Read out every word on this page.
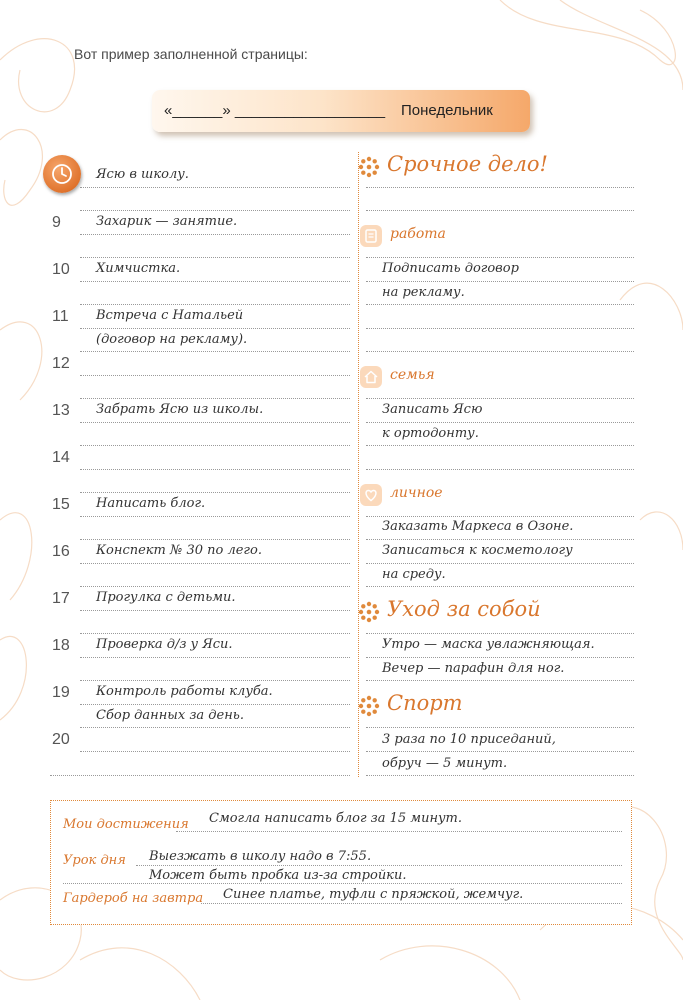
Вот пример заполненной страницы:
«______» __________________ Понедельник
9
10
11
12
13
14
15
16
17
18
19
20
Ясю в школу.
Захарик — занятие.
Химчистка.
Встреча с Натальей
(договор на рекламу).
Забрать Ясю из школы.
Написать блог.
Конспект № 30 по лего.
Прогулка с детьми.
Проверка д/з у Яси.
Контроль работы клуба.
Сбор данных за день.
Срочное дело!
работа
Подписать договор
на рекламу.
семья
Записать Ясю
к ортодонту.
личное
Заказать Маркеса в Озоне.
Записаться к косметологу
на среду.
Уход за собой
Утро — маска увлажняющая.
Вечер — парафин для ног.
Спорт
3 раза по 10 приседаний,
обруч — 5 минут.
Мои достижения Смогла написать блог за 15 минут.
Урок дня Выезжать в школу надо в 7:55.
Может быть пробка из-за стройки.
Гардероб на завтра Синее платье, туфли с пряжкой, жемчуг.
